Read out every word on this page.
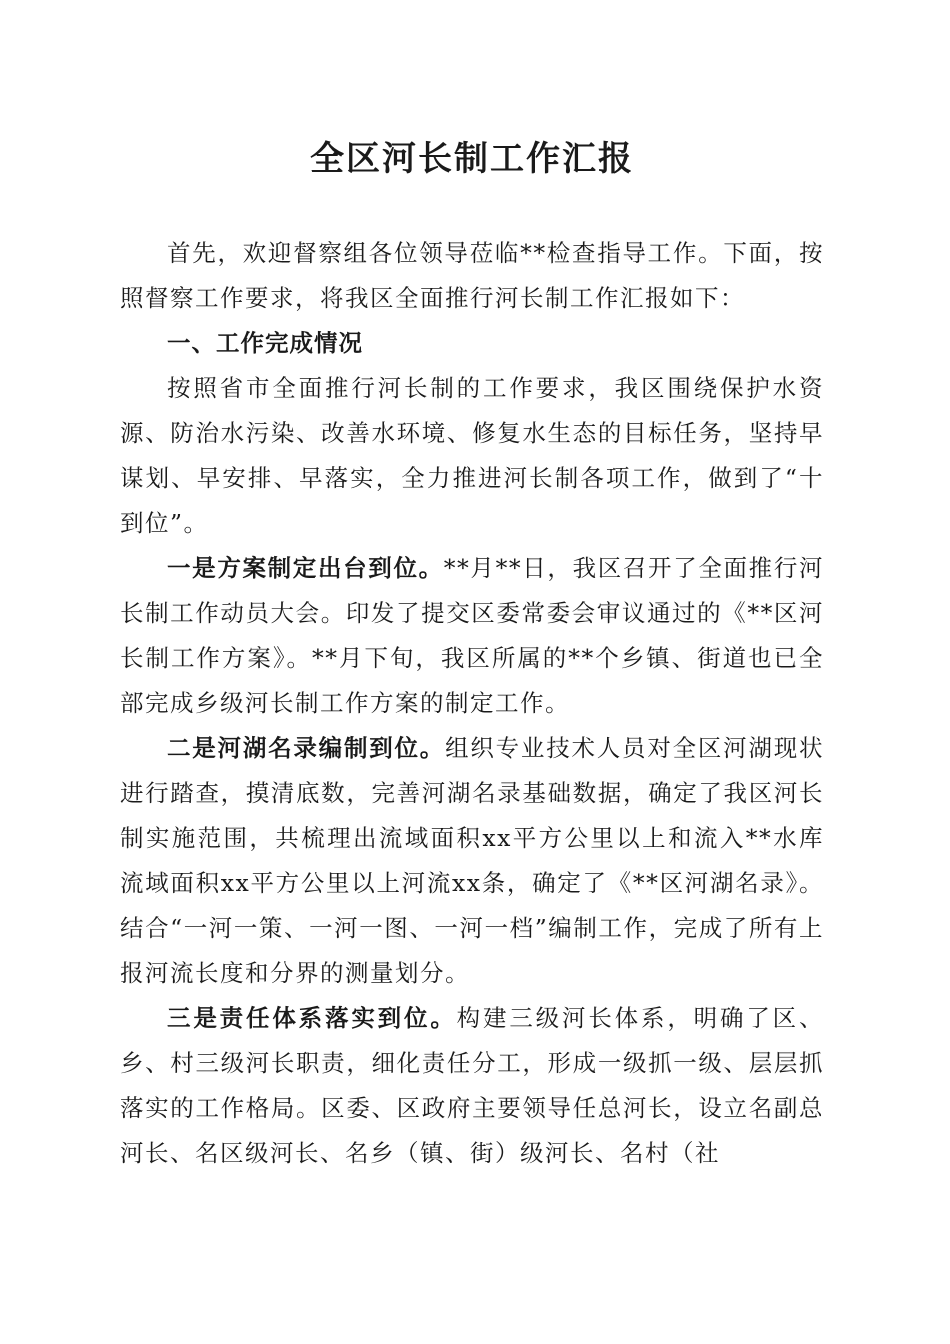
全区河长制工作汇报

首先，欢迎督察组各位领导莅临**检查指导工作。下面，按照督察工作要求，将我区全面推行河长制工作汇报如下：

一、工作完成情况

按照省市全面推行河长制的工作要求，我区围绕保护水资源、防治水污染、改善水环境、修复水生态的目标任务，坚持早谋划、早安排、早落实，全力推进河长制各项工作，做到了“十到位”。

一是方案制定出台到位。**月**日，我区召开了全面推行河长制工作动员大会。印发了提交区委常委会审议通过的《**区河长制工作方案》。**月下旬，我区所属的**个乡镇、街道也已全部完成乡级河长制工作方案的制定工作。

二是河湖名录编制到位。组织专业技术人员对全区河湖现状进行踏查，摸清底数，完善河湖名录基础数据，确定了我区河长制实施范围，共梳理出流域面积xx平方公里以上和流入**水库流域面积xx平方公里以上河流xx条，确定了《**区河湖名录》。结合“一河一策、一河一图、一河一档”编制工作，完成了所有上报河流长度和分界的测量划分。

三是责任体系落实到位。构建三级河长体系，明确了区、乡、村三级河长职责，细化责任分工，形成一级抓一级、层层抓落实的工作格局。区委、区政府主要领导任总河长，设立名副总河长、名区级河长、名乡（镇、街）级河长、名村（社
